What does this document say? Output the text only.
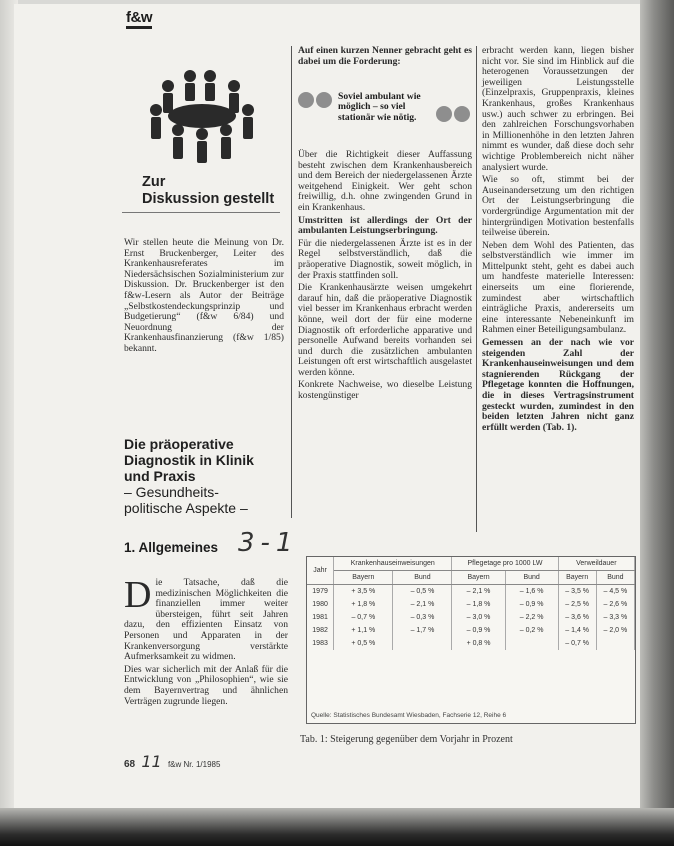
f&w
Zur
Diskussion gestellt

Wir stellen heute die Meinung von Dr. Ernst Bruckenberger, Leiter des Krankenhausreferates im Niedersächsischen Sozialministerium zur Diskussion. Dr. Bruckenberger ist den f&w-Lesern als Autor der Beiträge „Selbstkostendeckungsprinzip und Budgetierung“ (f&w 6/84) und Neuordnung der Krankenhausfinanzierung (f&w 1/85) bekannt.

Die präoperative
Diagnostik in Klinik
und Praxis
– Gesundheits-
politische Aspekte –
1. Allgemeines 3-1

Die Tatsache, daß die medizinischen Möglichkeiten die finanziellen immer weiter übersteigen, führt seit Jahren dazu, den effizienten Einsatz von Personen und Apparaten in der Krankenversorgung verstärkte Aufmerksamkeit zu widmen.

Dies war sicherlich mit der Anlaß für die Entwicklung von „Philosophien“, wie sie dem Bayernvertrag und ähnlichen Verträgen zugrunde liegen.

Auf einen kurzen Nenner gebracht geht es dabei um die Forderung:

Soviel ambulant wie möglich – so viel stationär wie nötig.

Über die Richtigkeit dieser Auffassung besteht zwischen dem Krankenhausbereich und dem Bereich der niedergelassenen Ärzte weitgehend Einigkeit. Wer geht schon freiwillig, d.h. ohne zwingenden Grund in ein Krankenhaus.

Umstritten ist allerdings der Ort der ambulanten Leistungserbringung.

Für die niedergelassenen Ärzte ist es in der Regel selbstverständlich, daß die präoperative Diagnostik, soweit möglich, in der Praxis stattfinden soll.

Die Krankenhausärzte weisen umgekehrt darauf hin, daß die präoperative Diagnostik viel besser im Krankenhaus erbracht werden könne, weil dort der für eine moderne Diagnostik oft erforderliche apparative und personelle Aufwand bereits vorhanden sei und durch die zusätzlichen ambulanten Leistungen oft erst wirtschaftlich ausgelastet werden könne.

Konkrete Nachweise, wo dieselbe Leistung kostengünstiger

erbracht werden kann, liegen bisher nicht vor. Sie sind im Hinblick auf die heterogenen Voraussetzungen der jeweiligen Leistungsstelle (Einzelpraxis, Gruppenpraxis, kleines Krankenhaus, großes Krankenhaus usw.) auch schwer zu erbringen. Bei den zahlreichen Forschungsvorhaben in Millionenhöhe in den letzten Jahren nimmt es wunder, daß diese doch sehr wichtige Problembereich nicht näher analysiert wurde.

Wie so oft, stimmt bei der Auseinandersetzung um den richtigen Ort der Leistungserbringung die vordergründige Argumentation mit der hintergründigen Motivation bestenfalls teilweise überein.

Neben dem Wohl des Patienten, das selbstverständlich wie immer im Mittelpunkt steht, geht es dabei auch um handfeste materielle Interessen: einerseits um eine florierende, zumindest aber wirtschaftlich einträgliche Praxis, andererseits um eine interessante Nebeneinkunft im Rahmen einer Beteiligungsambulanz.

Gemessen an der nach wie vor steigenden Zahl der Krankenhauseinweisungen und dem stagnierenden Rückgang der Pflegetage konnten die Hoffnungen, die in dieses Vertragsinstrument gesteckt wurden, zumindest in den beiden letzten Jahren nicht ganz erfüllt werden (Tab. 1).

Jahr	Krankenhauseinweisungen		Pflegetage pro 1000 LW		Verweildauer	
	Bayern	Bund	Bayern	Bund	Bayern	Bund
1979	+ 3,5 %	– 0,5 %	– 2,1 %	– 1,6 %	– 3,5 %	– 4,5 %
1980	+ 1,8 %	– 2,1 %	– 1,8 %	– 0,9 %	– 2,5 %	– 2,6 %
1981	– 0,7 %	– 0,3 %	– 3,0 %	– 2,2 %	– 3,6 %	– 3,3 %
1982	+ 1,1 %	– 1,7 %	– 0,9 %	– 0,2 %	– 1,4 %	– 2,0 %
1983	+ 0,5 %		+ 0,8 %		– 0,7 %	
Quelle: Statistisches Bundesamt Wiesbaden, Fachserie 12, Reihe 6
Tab. 1: Steigerung gegenüber dem Vorjahr in Prozent
68 11 f&w Nr. 1/1985
